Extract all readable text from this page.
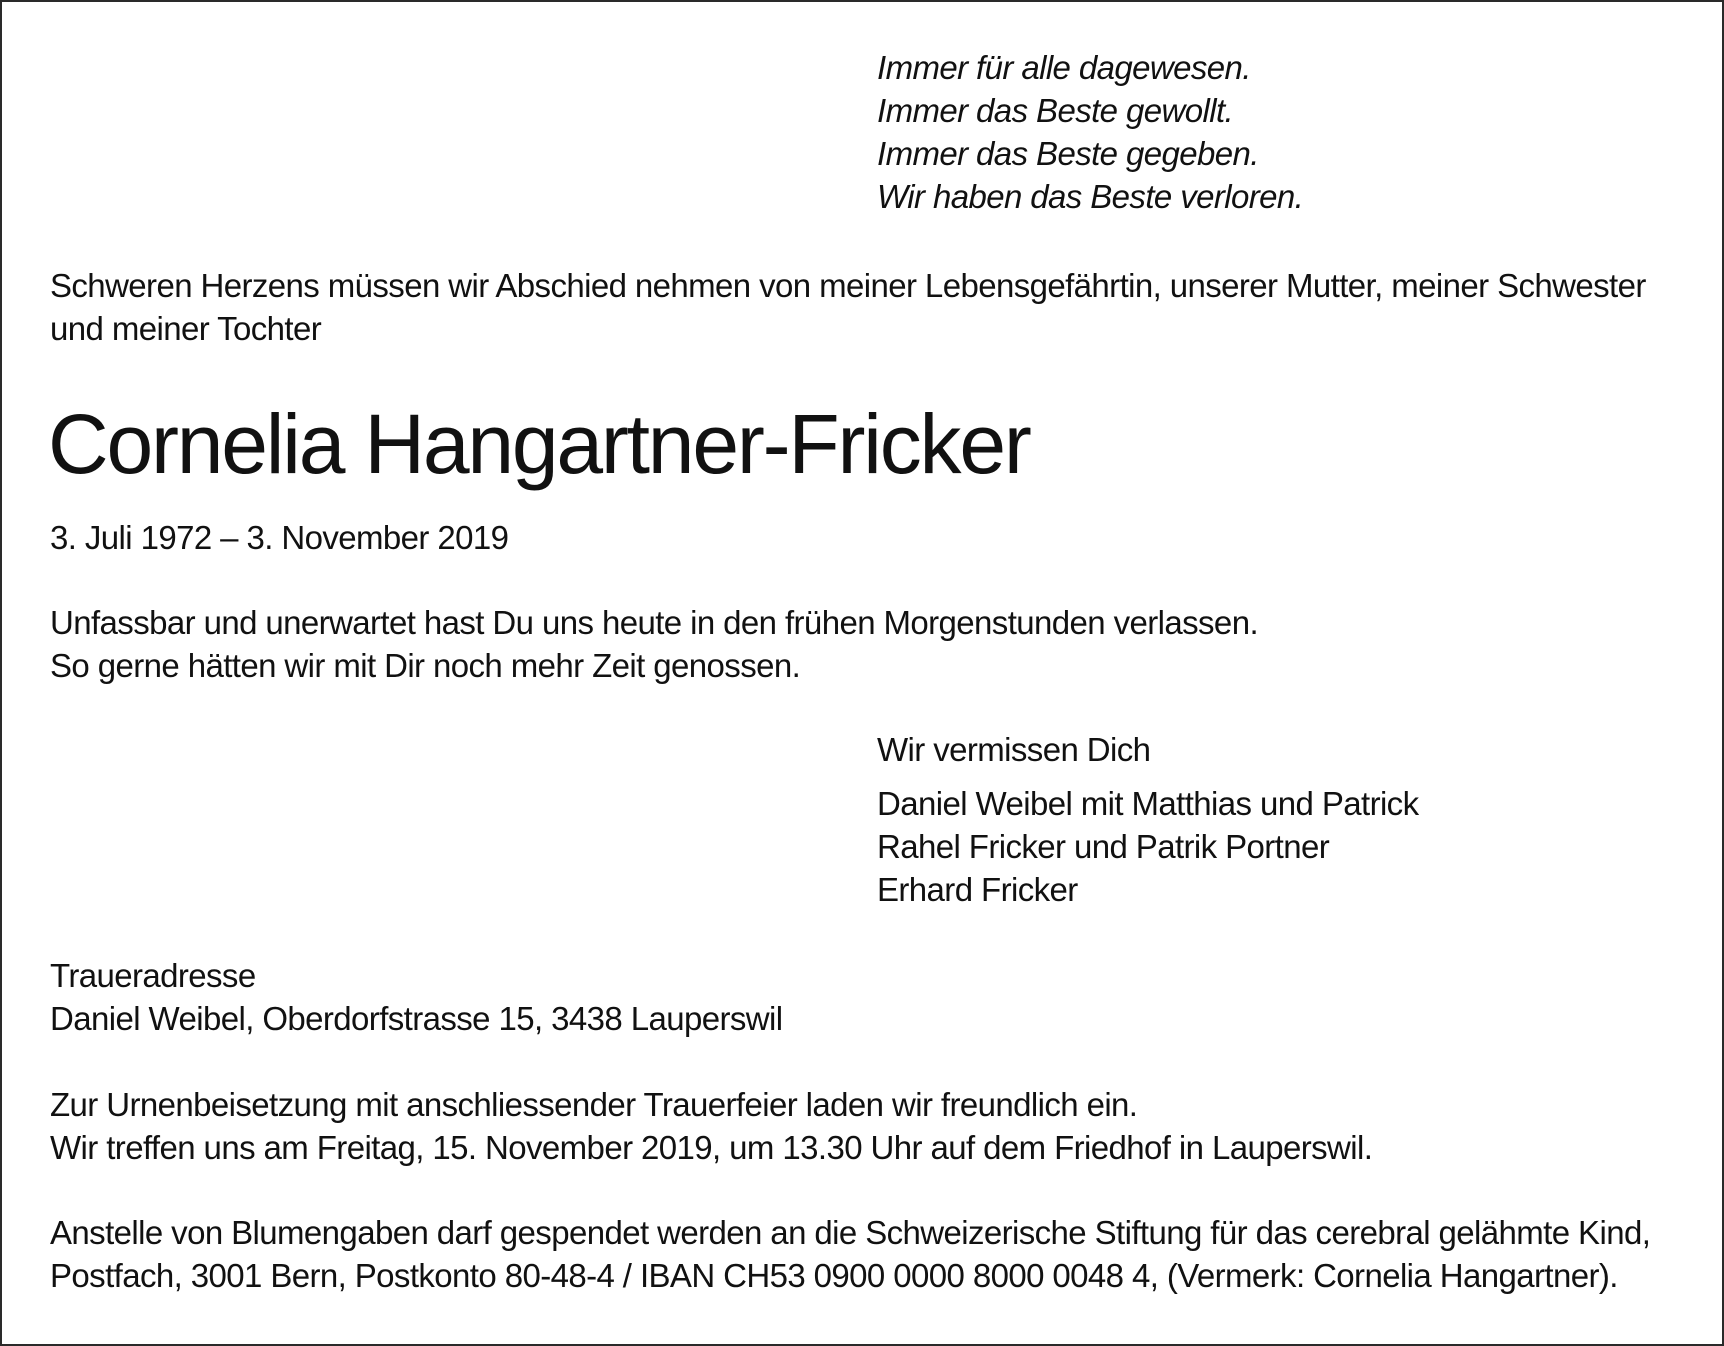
Immer für alle dagewesen.
Immer das Beste gewollt.
Immer das Beste gegeben.
Wir haben das Beste verloren.
Schweren Herzens müssen wir Abschied nehmen von meiner Lebensgefährtin, unserer Mutter, meiner Schwester
und meiner Tochter
Cornelia Hangartner-Fricker
3. Juli 1972 – 3. November 2019
Unfassbar und unerwartet hast Du uns heute in den frühen Morgenstunden verlassen.
So gerne hätten wir mit Dir noch mehr Zeit genossen.
Wir vermissen Dich
Daniel Weibel mit Matthias und Patrick
Rahel Fricker und Patrik Portner
Erhard Fricker
Traueradresse
Daniel Weibel, Oberdorfstrasse 15, 3438 Lauperswil
Zur Urnenbeisetzung mit anschliessender Trauerfeier laden wir freundlich ein.
Wir treffen uns am Freitag, 15. November 2019, um 13.30 Uhr auf dem Friedhof in Lauperswil.
Anstelle von Blumengaben darf gespendet werden an die Schweizerische Stiftung für das cerebral gelähmte Kind,
Postfach, 3001 Bern, Postkonto 80-48-4 / IBAN CH53 0900 0000 8000 0048 4, (Vermerk: Cornelia Hangartner).
